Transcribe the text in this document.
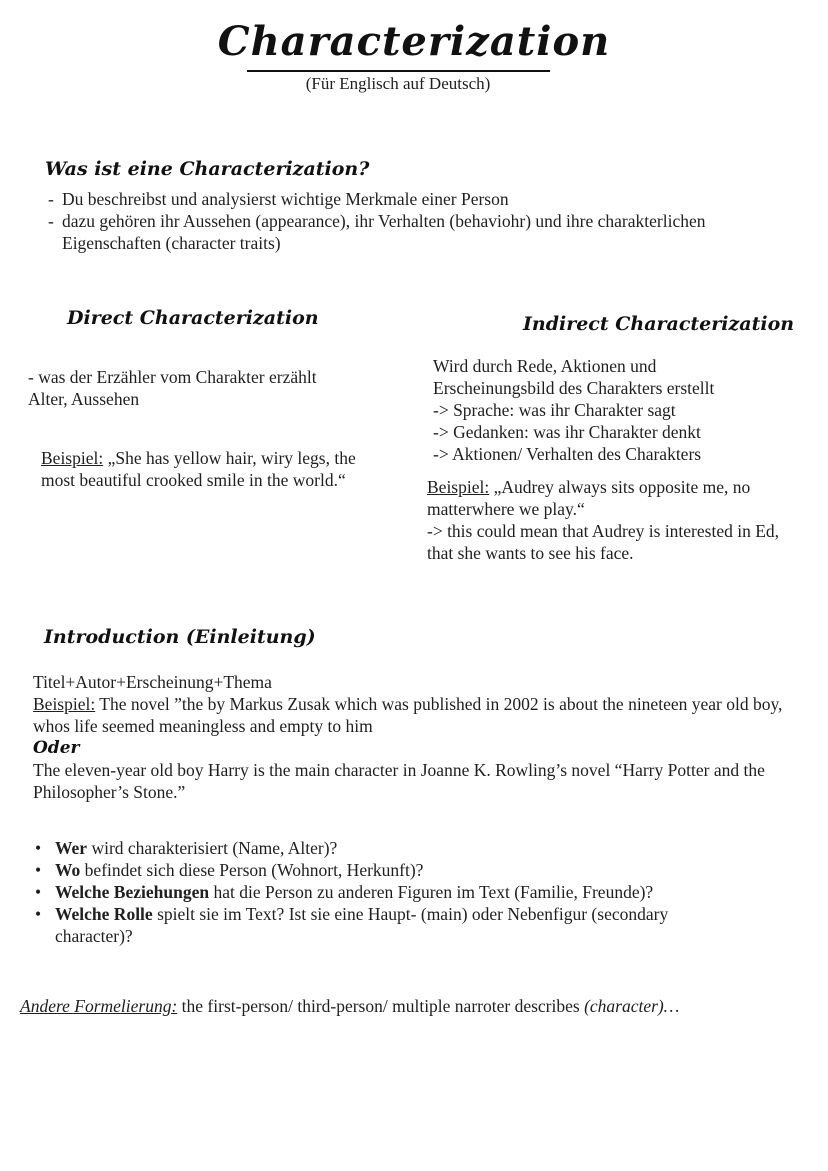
Characterization
(Für Englisch auf Deutsch)
Was ist eine Characterization?
- Du beschreibst und analysierst wichtige Merkmale einer Person
- dazu gehören ihr Aussehen (appearance), ihr Verhalten (behaviohr) und ihre charakterlichen Eigenschaften (character traits)
Direct Characterization

- was der Erzähler vom Charakter erzählt

Alter, Aussehen

Beispiel: „She has yellow hair, wiry legs, the most beautiful crooked smile in the world.“
Indirect Characterization

Wird durch Rede, Aktionen und

Erscheinungsbild des Charakters erstellt

-> Sprache: was ihr Charakter sagt

-> Gedanken: was ihr Charakter denkt

-> Aktionen/ Verhalten des Charakters

Beispiel: „Audrey always sits opposite me, no matterwhere we play.“

-> this could mean that Audrey is interested in Ed, that she wants to see his face.

Introduction (Einleitung)

Titel+Autor+Erscheinung+Thema

Beispiel: The novel ”the by Markus Zusak which was published in 2002 is about the nineteen year old boy, whos life seemed meaningless and empty to him

Oder

The eleven-year old boy Harry is the main character in Joanne K. Rowling’s novel “Harry Potter and the Philosopher’s Stone.”

• Wer wird charakterisiert (Name, Alter)?
• Wo befindet sich diese Person (Wohnort, Herkunft)?
• Welche Beziehungen hat die Person zu anderen Figuren im Text (Familie, Freunde)?
• Welche Rolle spielt sie im Text? Ist sie eine Haupt- (main) oder Nebenfigur (secondary character)?
Andere Formelierung: the first-person/ third-person/ multiple narroter describes (character)…
